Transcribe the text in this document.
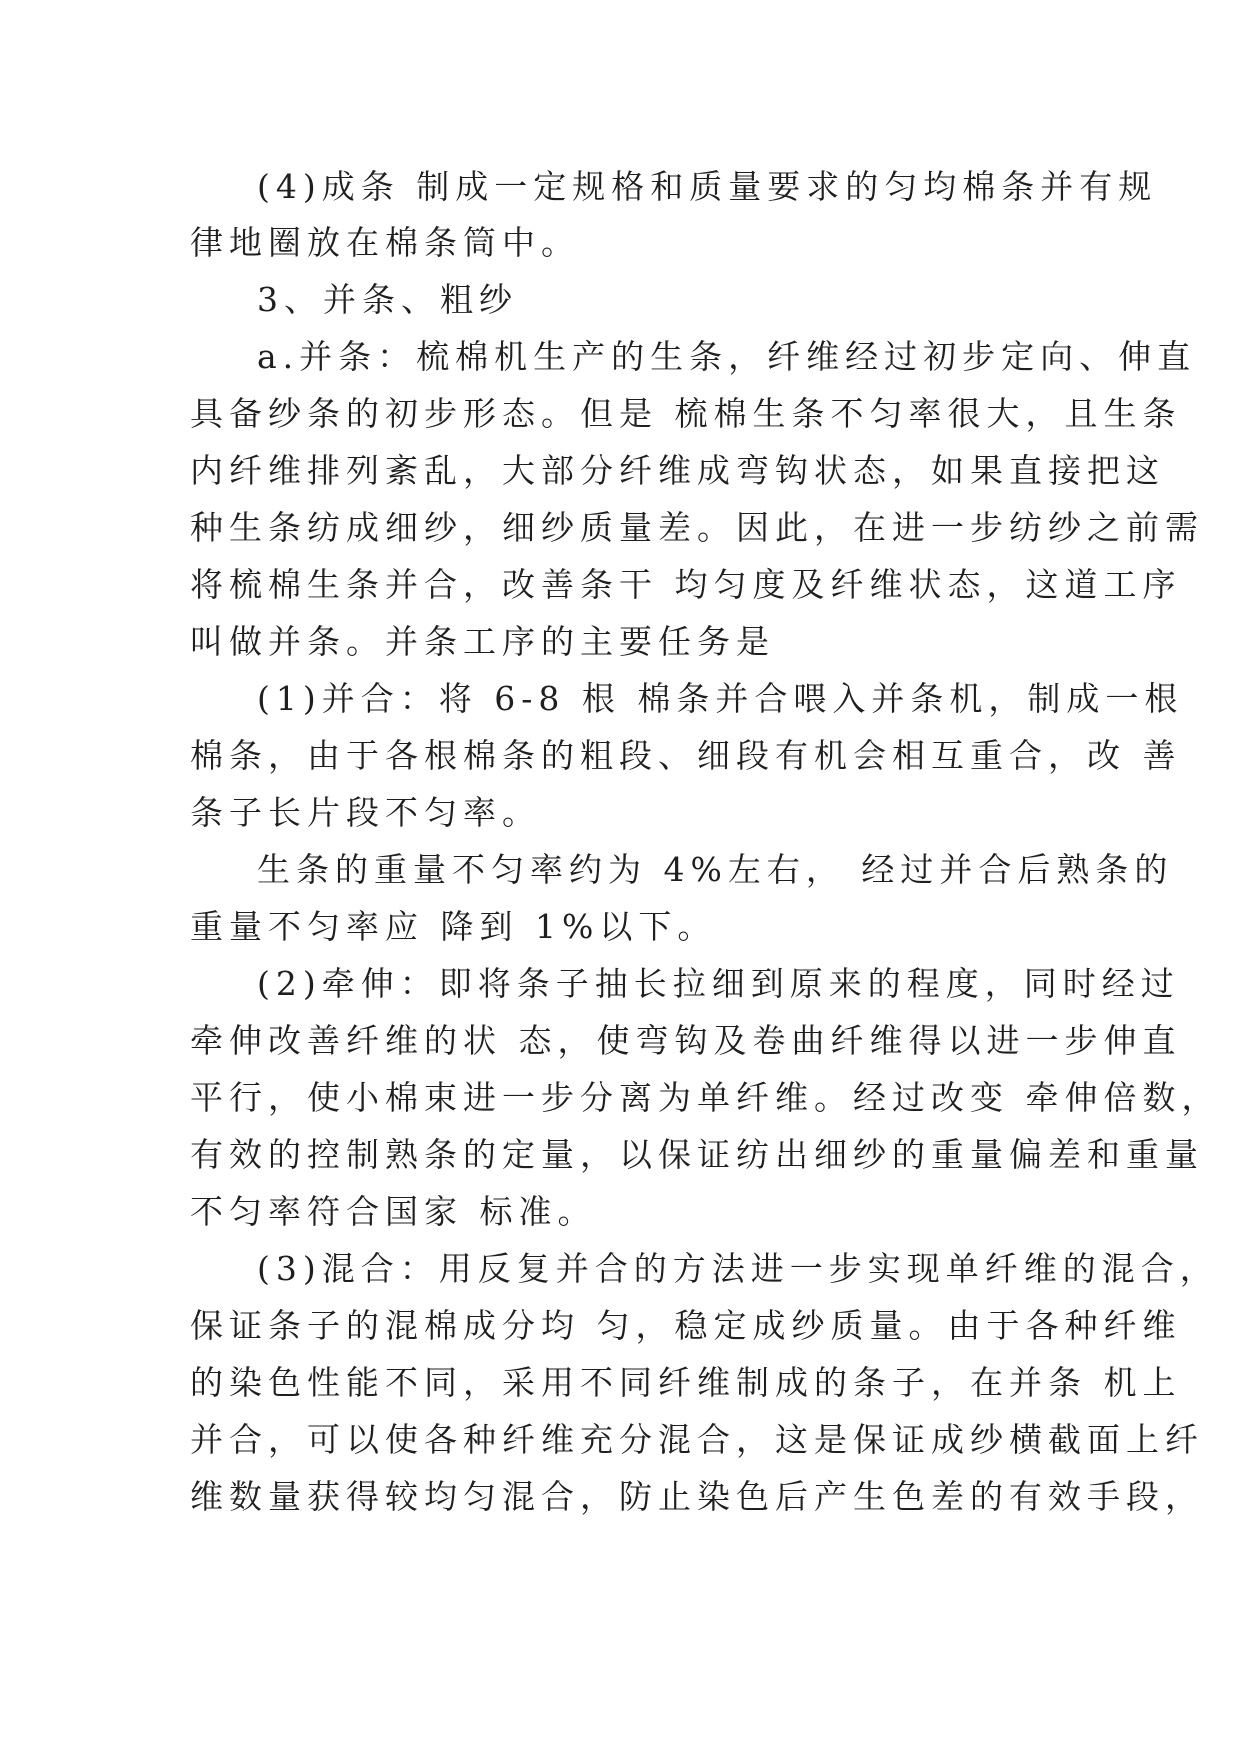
(4)成条 制成一定规格和质量要求的匀均棉条并有规
律地圈放在棉条筒中。
3、并条、粗纱
a.并条：梳棉机生产的生条，纤维经过初步定向、伸直
具备纱条的初步形态。但是 梳棉生条不匀率很大，且生条
内纤维排列紊乱，大部分纤维成弯钩状态，如果直接把这
种生条纺成细纱，细纱质量差。因此，在进一步纺纱之前需
将梳棉生条并合，改善条干 均匀度及纤维状态，这道工序
叫做并条。并条工序的主要任务是
(1)并合：将 6-8 根 棉条并合喂入并条机，制成一根
棉条，由于各根棉条的粗段、细段有机会相互重合，改 善
条子长片段不匀率。
生条的重量不匀率约为 4%左右， 经过并合后熟条的
重量不匀率应 降到 1%以下。
(2)牵伸：即将条子抽长拉细到原来的程度，同时经过
牵伸改善纤维的状 态，使弯钩及卷曲纤维得以进一步伸直
平行，使小棉束进一步分离为单纤维。经过改变 牵伸倍数，
有效的控制熟条的定量，以保证纺出细纱的重量偏差和重量
不匀率符合国家 标准。
(3)混合：用反复并合的方法进一步实现单纤维的混合，
保证条子的混棉成分均 匀，稳定成纱质量。由于各种纤维
的染色性能不同，采用不同纤维制成的条子，在并条 机上
并合，可以使各种纤维充分混合，这是保证成纱横截面上纤
维数量获得较均匀混合，防止染色后产生色差的有效手段，
